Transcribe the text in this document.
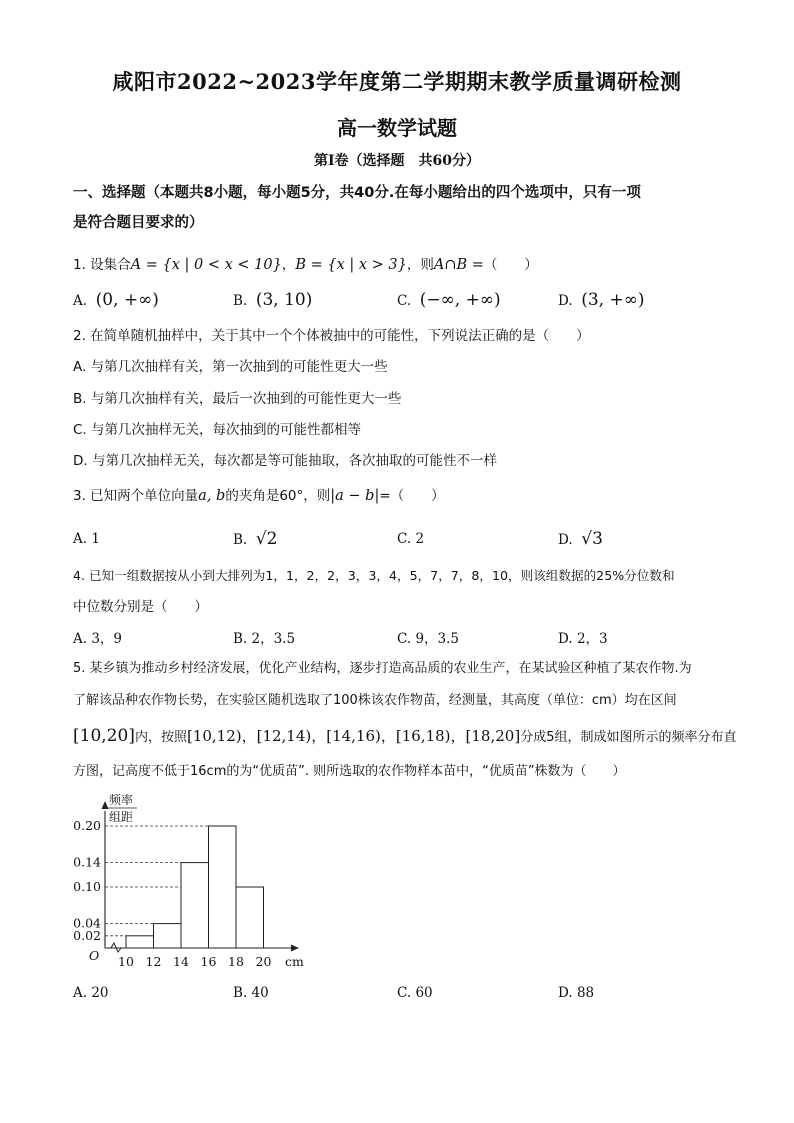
咸阳市2022~2023学年度第二学期期末教学质量调研检测
高一数学试题
第Ⅰ卷（选择题　共60分）
一、选择题（本题共8小题，每小题5分，共40分.在每小题给出的四个选项中，只有一项
是符合题目要求的）
1. 设集合A = {x | 0 < x < 10}，B = {x | x > 3}，则A∩B =（　　）
A. (0, +∞)	B. (3, 10)	C. (−∞, +∞)	D. (3, +∞)
2. 在简单随机抽样中，关于其中一个个体被抽中的可能性，下列说法正确的是（　　）
A. 与第几次抽样有关，第一次抽到的可能性更大一些
B. 与第几次抽样有关，最后一次抽到的可能性更大一些
C. 与第几次抽样无关，每次抽到的可能性都相等
D. 与第几次抽样无关，每次都是等可能抽取，各次抽取的可能性不一样
3. 已知两个单位向量a, b的夹角是60°，则|a − b|=（　　）
A. 1	B. √2	C. 2	D. √3
4. 已知一组数据按从小到大排列为1，1，2，2，3，3，4，5，7，7，8，10，则该组数据的25%分位数和
中位数分别是（　　）
A. 3，9	B. 2，3.5	C. 9，3.5	D. 2，3
5. 某乡镇为推动乡村经济发展，优化产业结构，逐步打造高品质的农业生产，在某试验区种植了某农作物.为
了解该品种农作物长势，在实验区随机选取了100株该农作物苗，经测量，其高度（单位：cm）均在区间
[10,20]内，按照[10,12)，[12,14)，[14,16)，[16,18)，[18,20]分成5组，制成如图所示的频率分布直
方图，记高度不低于16cm的为“优质苗”. 则所选取的农作物样本苗中，“优质苗”株数为（　　）
0.02
0.04
0.10
0.14
0.20
10 12 14 16 18 20 cm
O
频率
组距
A. 20	B. 40	C. 60	D. 88
